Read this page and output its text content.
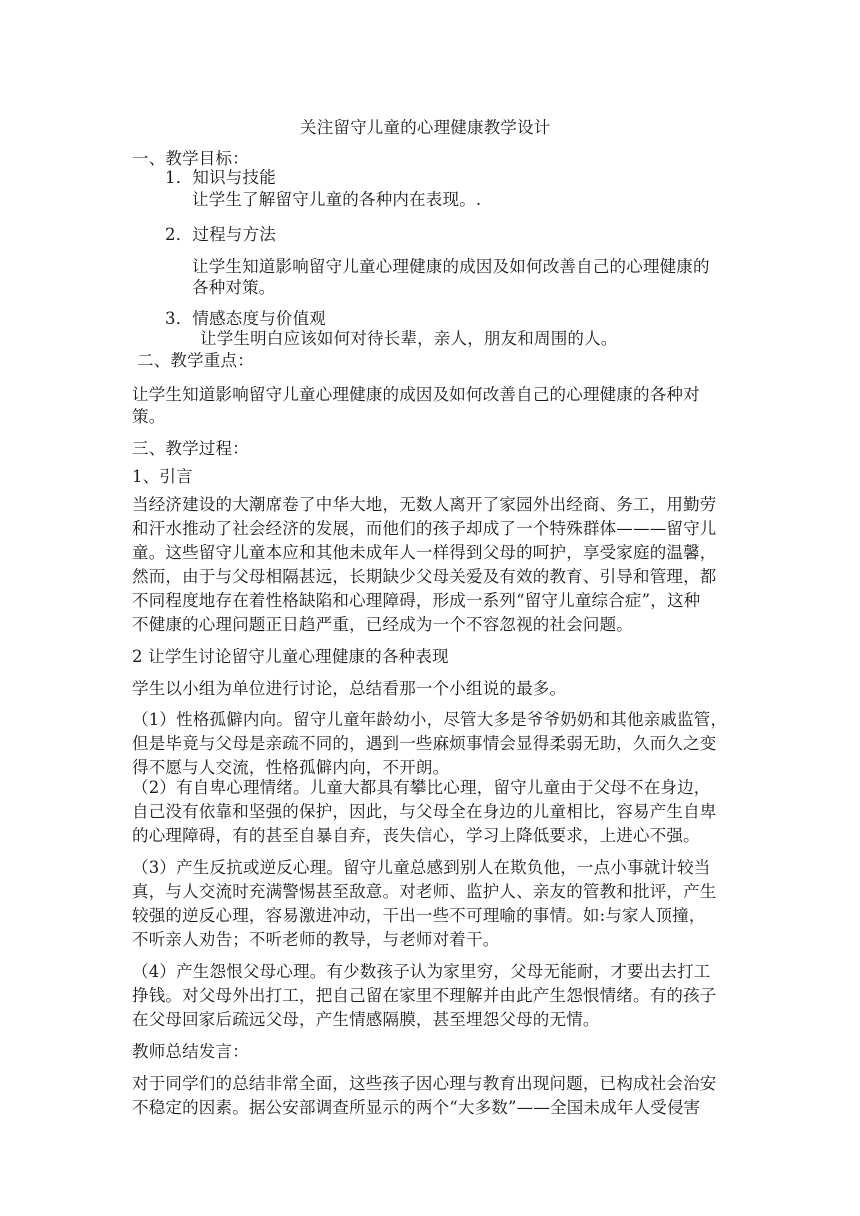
关注留守儿童的心理健康教学设计
一、教学目标：
1．知识与技能
让学生了解留守儿童的各种内在表现。.
2．过程与方法
让学生知道影响留守儿童心理健康的成因及如何改善自己的心理健康的
各种对策。
3．情感态度与价值观
让学生明白应该如何对待长辈，亲人，朋友和周围的人。
二、教学重点：
让学生知道影响留守儿童心理健康的成因及如何改善自己的心理健康的各种对
策。
三、教学过程：
1、引言
当经济建设的大潮席卷了中华大地，无数人离开了家园外出经商、务工，用勤劳
和汗水推动了社会经济的发展，而他们的孩子却成了一个特殊群体———留守儿
童。这些留守儿童本应和其他未成年人一样得到父母的呵护，享受家庭的温馨，
然而，由于与父母相隔甚远，长期缺少父母关爱及有效的教育、引导和管理，都
不同程度地存在着性格缺陷和心理障碍，形成一系列“留守儿童综合症”，这种
不健康的心理问题正日趋严重，已经成为一个不容忽视的社会问题。
2 让学生讨论留守儿童心理健康的各种表现
学生以小组为单位进行讨论，总结看那一个小组说的最多。
（1）性格孤僻内向。留守儿童年龄幼小，尽管大多是爷爷奶奶和其他亲戚监管，
但是毕竟与父母是亲疏不同的，遇到一些麻烦事情会显得柔弱无助，久而久之变
得不愿与人交流，性格孤僻内向，不开朗。
（2）有自卑心理情绪。儿童大都具有攀比心理，留守儿童由于父母不在身边，
自己没有依靠和坚强的保护，因此，与父母全在身边的儿童相比，容易产生自卑
的心理障碍，有的甚至自暴自弃，丧失信心，学习上降低要求，上进心不强。
（3）产生反抗或逆反心理。留守儿童总感到别人在欺负他，一点小事就计较当
真，与人交流时充满警惕甚至敌意。对老师、监护人、亲友的管教和批评，产生
较强的逆反心理，容易激进冲动，干出一些不可理喻的事情。如:与家人顶撞，
不听亲人劝告；不听老师的教导，与老师对着干。
（4）产生怨恨父母心理。有少数孩子认为家里穷，父母无能耐，才要出去打工
挣钱。对父母外出打工，把自己留在家里不理解并由此产生怨恨情绪。有的孩子
在父母回家后疏远父母，产生情感隔膜，甚至埋怨父母的无情。
教师总结发言：
对于同学们的总结非常全面，这些孩子因心理与教育出现问题，已构成社会治安
不稳定的因素。据公安部调查所显示的两个“大多数”——全国未成年人受侵害
